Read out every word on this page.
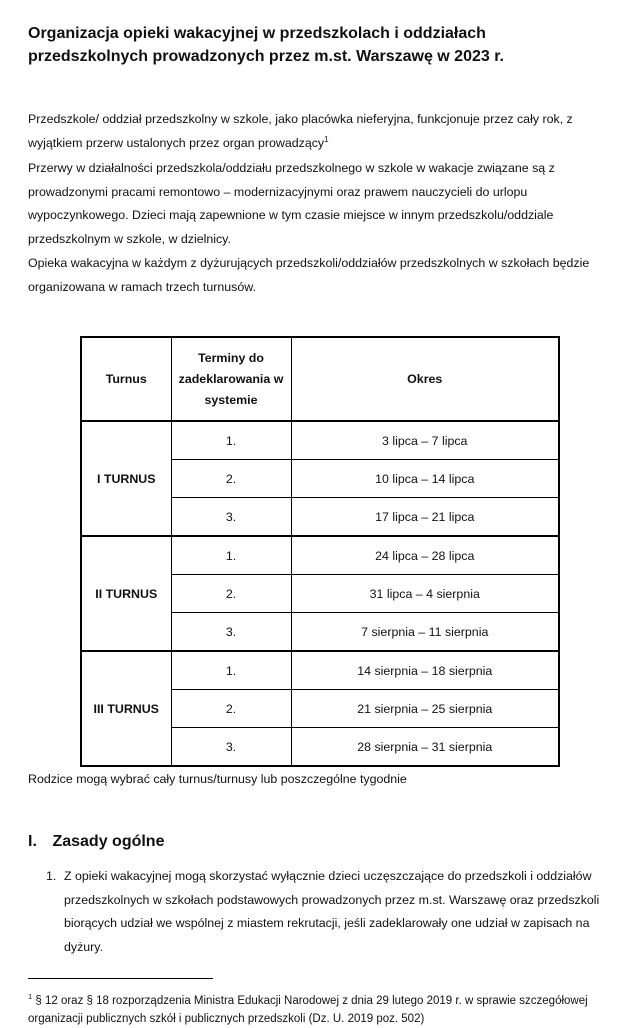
Organizacja opieki wakacyjnej w przedszkolach i oddziałach przedszkolnych prowadzonych przez m.st. Warszawę w 2023 r.

Przedszkole/ oddział przedszkolny w szkole, jako placówka nieferyjna, funkcjonuje przez cały rok, z wyjątkiem przerw ustalonych przez organ prowadzący$^1$

Przerwy w działalności przedszkola/oddziału przedszkolnego w szkole w wakacje związane są z prowadzonymi pracami remontowo – modernizacyjnymi oraz prawem nauczycieli do urlopu wypoczynkowego. Dzieci mają zapewnione w tym czasie miejsce w innym przedszkolu/oddziale przedszkolnym w szkole, w dzielnicy.

Opieka wakacyjna w każdym z dyżurujących przedszkoli/oddziałów przedszkolnych w szkołach będzie organizowana w ramach trzech turnusów.

Turnus	Terminy do zadeklarowania w systemie	Okres
I TURNUS	1.	3 lipca – 7 lipca
	2.	10 lipca – 14 lipca
	3.	17 lipca – 21 lipca
II TURNUS	1.	24 lipca – 28 lipca
	2.	31 lipca – 4 sierpnia
	3.	7 sierpnia – 11 sierpnia
III TURNUS	1.	14 sierpnia – 18 sierpnia
	2.	21 sierpnia – 25 sierpnia
	3.	28 sierpnia – 31 sierpnia

Rodzice mogą wybrać cały turnus/turnusy lub poszczególne tygodnie

I. Zasady ogólne

1. Z opieki wakacyjnej mogą skorzystać wyłącznie dzieci uczęszczające do przedszkoli i oddziałów przedszkolnych w szkołach podstawowych prowadzonych przez m.st. Warszawę oraz przedszkoli biorących udział we wspólnej z miastem rekrutacji, jeśli zadeklarowały one udział w zapisach na dyżury.

$^1$ § 12 oraz § 18 rozporządzenia Ministra Edukacji Narodowej z dnia 29 lutego 2019 r. w sprawie szczegółowej organizacji publicznych szkół i publicznych przedszkoli (Dz. U. 2019 poz. 502)
